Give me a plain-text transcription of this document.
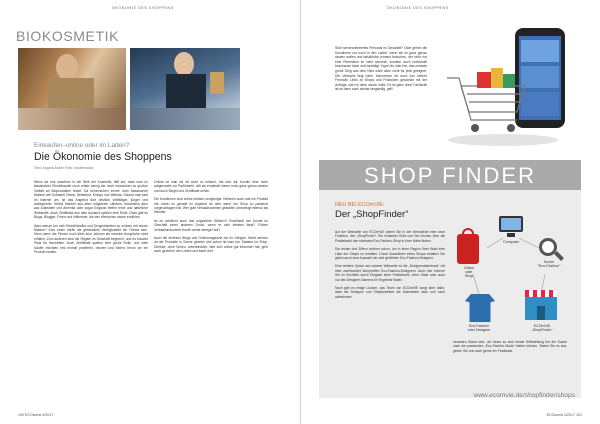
ÖKONOMIE DES SHOPPENS
BIOKOSMETIK
Einkaufen–online oder im Laden?
Die Ökonomie des Shoppens
Text: Angela Anker Foto: shutterstock

Wenn wir uns umsehen in der Welt der Kosmetik, fällt auf, dass man im klassischen Einzelhandel noch relativ wenig der doch inzwischen so großen Vielfalt an Bioprodukten findet. Da beherrschen immer noch klassischen Marken wie Goldwell, Nivea, Sebamed, Kneipp und Weleda. Schaut man sich im Internet um, ist das Angebot dort deutlich vielfältiger, jünger und aufregender. Kleine Marken aus allen möglichen Ländern, besonders aber aus Australien und Amerika oder sogar England bieten reine und natürliche Wirkstoffe. Auch Zertifikate aus dem Ausland spielen eine Rolle. Dazu gibt es Blogs, Blogger, Foren und Influencer, die den Menschen davon erzählen.

Aber warum tun sich Einzelhändler und Drogerieketten so schwer mit neuen Marken? Zum einen dürfte die gesetzliche Verfügbarkeit ein Thema sein. Denn wenn die Firmen noch klein sind, können sie manche Ansprüche nicht erfüllen. Zum anderen sind die Regale im Geschäft begrenzt, und es braucht Platz für Neuheiten. Auch Zertifikate spielen eine große Rolle, und viele Käufer möchten erst einmal probieren, riechen und fühlen, bevor sie ein Produkt kaufen.

Online ist man da oft nicht so kritisch, hat sich die Kundin über doch aufgemacht zur Parfümerie, will sie ernsthaft immer noch ganz genau wissen und auch Siegel und Zertifikate sehen.

Die Kundinnen sind online einfach neugieriger. Nehmen auch mal ein Produkt mit, wenn es gerade im Angebot ist oder wenn der Shop so passend vorgeschlagen hat. Wer gute Verkaufsrahmen gestaltet, überzeugt ebenso als Händler.

Ist es vielleicht auch das ungestörte Stöbern? Empfindet der Kunde im Geschäft einen anderen Druck, wenn er sich beraten lässt? Fühlen Verkaufsinduzierte Kaufe online weniger auf?

Auch die diversen Blogs und Onlinemagazine tun ihr Übriges. Meist werden da die Produkte in Szene gesetzt und schon ist man per Tastatur im Shop. Direkter, ohne Scheu, unverbindlich. Wer sich online gut informiert hat, geht auch gezielt in den Laden und kauft dort.

100 ECOworld 4/2017
ÖKONOMIE DES SHOPPENS

Stört servieorientiertes Personal im Geschäft? Oder gehen die Kundinnen nur noch in den Laden, wenn sie es ganz genau wissen wollen und tatsächlich jemand brauchen, der nicht nur eine Rezension im Netz schreibt, sondern auch individuell beschauen kann und bestätigt. Hype hin oder her, das neueste große Ding aus dem Netz wäre dann nicht für jede geeignet. Der Verdacht liegt nahe, bekommen ich doch von meiner Freundin Links zu Shops und Produkten geschickt mit der Anfrage, wie ich denn davon halte. Es ist ganz ohne Fachkraft ist es dann auch wieder langweilig, gell!

SHOP FINDER
NEU BEI ECOmVIE:
Der „ShopFinder“

Auf der Webseite von ECOmVIE sehen Sie in der Menüleiste eine neue Funktion, den „ShopFinder“. Ein einfacher Klick und Sie können über die Postleitzahl den nächsten Eco-Fashion-Shop in Ihrer Nähe finden.

Die ersten drei Ziffern reichen schon, um in einer Region Ihrer Wahl eine Liste der Shops zu erhalten. Durch Auswählen eines Shops erhalten Sie gleich auch eine Auswahl der dort geführten Eco-Fashion-Designer.

Eine weitere Option auf unserer Webseite ist die „Designerdatenbank“ mit über zweihundert überprüften Eco-Fashion-Designern. Auch hier können Sie im Suchfeld durch Eingabe einer Postleitzahl, einer Stadt oder auch nur des Designer-Namens Ihr Ergebnis finden.

Noch gibt es einige Lücken, das Team von ECOmVIE sorgt aber dafür, dass die Designer und Shopbetreiber die Datenbank nach und nach aufnehmen.

Computer
Online
oder
Shop
Suche
"Eco-Fashion"
Eco-Fashion
oder Designer
ECOmVIE
„ShopFinder“

neuesten Stand sein, um Ihnen so eine ideale Hilfestellung bei der Suche nach der passenden „Eco-Fashion Mode“ bieten können. Testen Sie es aus, geben Sie uns auch gerne ein Feedback.

www.ecomvie.de/shopfinder/shops
ECOworld 4/2017 101
